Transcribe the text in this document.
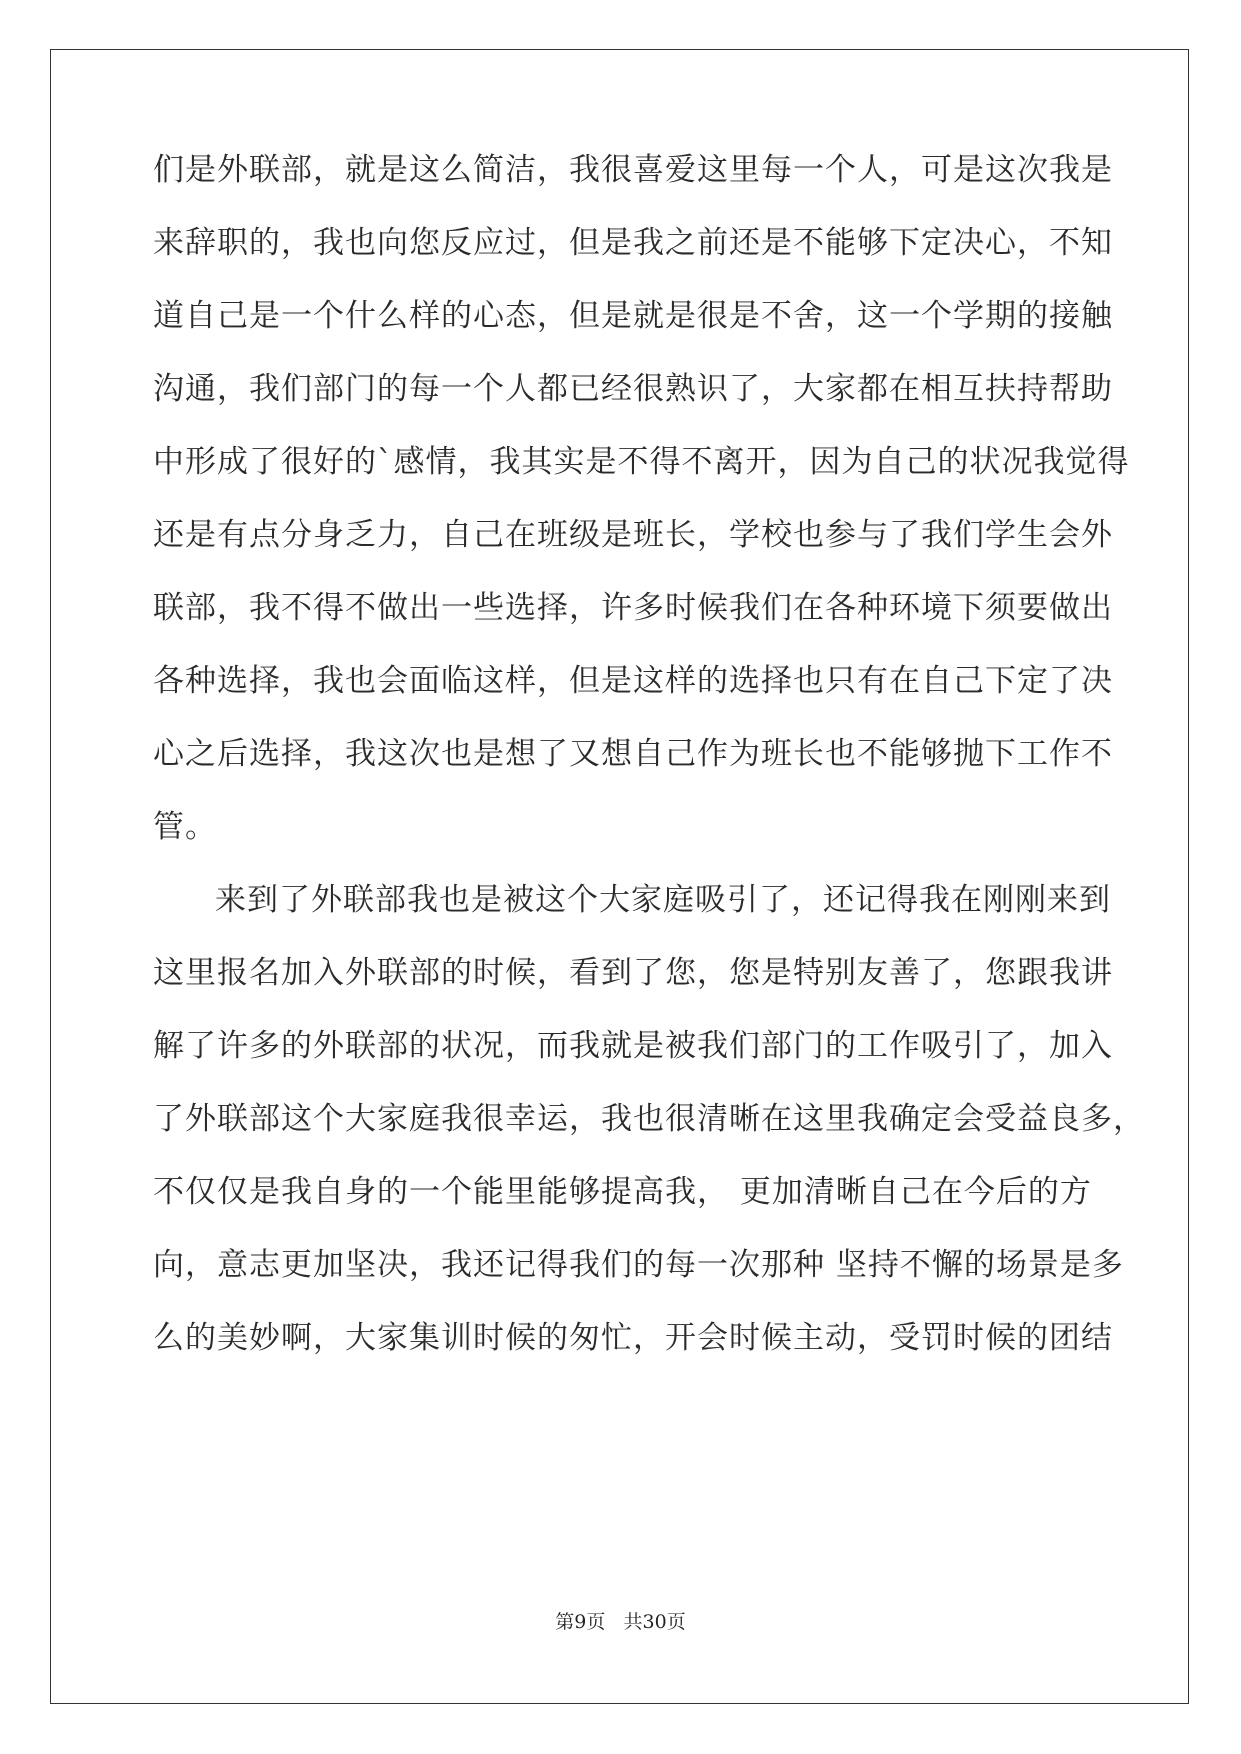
们是外联部，就是这么简洁，我很喜爱这里每一个人，可是这次我是
来辞职的，我也向您反应过，但是我之前还是不能够下定决心，不知
道自己是一个什么样的心态，但是就是很是不舍，这一个学期的接触
沟通，我们部门的每一个人都已经很熟识了，大家都在相互扶持帮助
中形成了很好的`感情，我其实是不得不离开，因为自己的状况我觉得
还是有点分身乏力，自己在班级是班长，学校也参与了我们学生会外
联部，我不得不做出一些选择，许多时候我们在各种环境下须要做出
各种选择，我也会面临这样，但是这样的选择也只有在自己下定了决
心之后选择，我这次也是想了又想自己作为班长也不能够抛下工作不
管。
来到了外联部我也是被这个大家庭吸引了，还记得我在刚刚来到
这里报名加入外联部的时候，看到了您，您是特别友善了，您跟我讲
解了许多的外联部的状况，而我就是被我们部门的工作吸引了，加入
了外联部这个大家庭我很幸运，我也很清晰在这里我确定会受益良多，
不仅仅是我自身的一个能里能够提高我， 更加清晰自己在今后的方
向，意志更加坚决，我还记得我们的每一次那种 坚持不懈的场景是多
么的美妙啊，大家集训时候的匆忙，开会时候主动，受罚时候的团结
第9页 共30页
